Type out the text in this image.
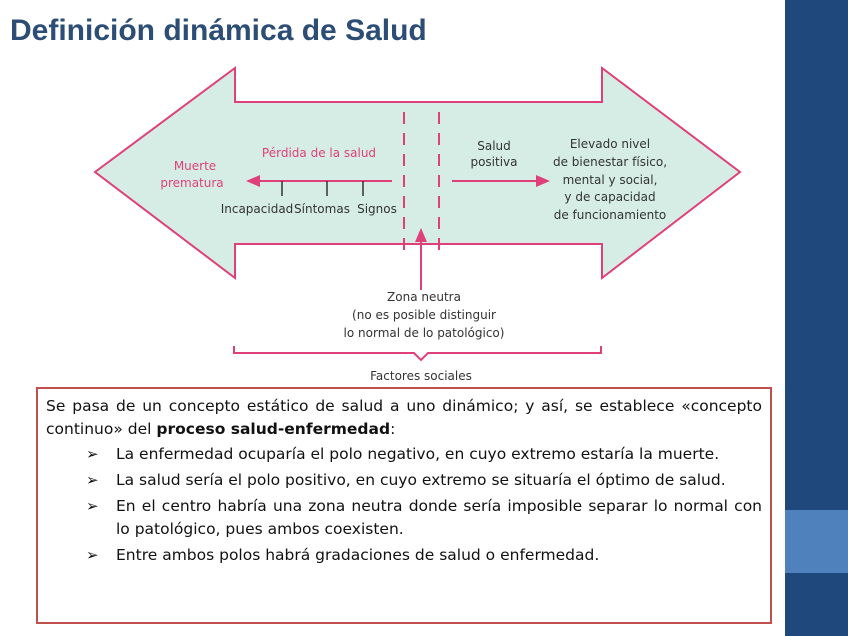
Definición dinámica de Salud
Muerte
prematura
Pérdida de la salud
Incapacidad Síntomas Signos
Salud
positiva
Elevado nivel
de bienestar físico,
mental y social,
y de capacidad
de funcionamiento
Zona neutra
(no es posible distinguir
lo normal de lo patológico)
Factores sociales

Se pasa de un concepto estático de salud a uno dinámico; y así, se establece «concepto continuo» del proceso salud-enfermedad:

➢ La enfermedad ocuparía el polo negativo, en cuyo extremo estaría la muerte.
➢ La salud sería el polo positivo, en cuyo extremo se situaría el óptimo de salud.
➢ En el centro habría una zona neutra donde sería imposible separar lo normal con lo patológico, pues ambos coexisten.
➢ Entre ambos polos habrá gradaciones de salud o enfermedad.
